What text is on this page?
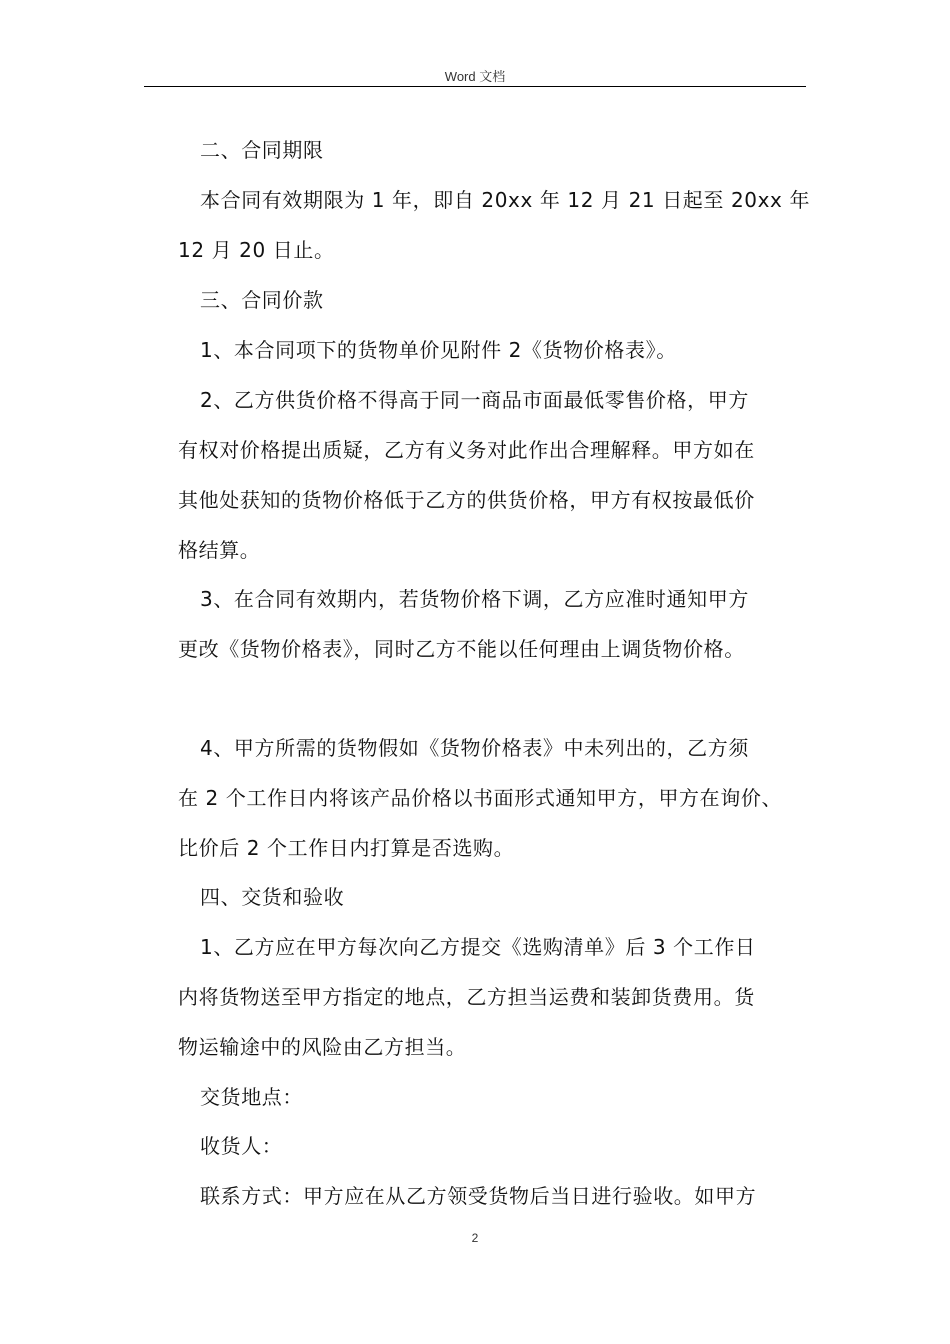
Word 文档
二、合同期限
本合同有效期限为 1 年，即自 20xx 年 12 月 21 日起至 20xx 年
12 月 20 日止。
三、合同价款
1、本合同项下的货物单价见附件 2《货物价格表》。
2、乙方供货价格不得高于同一商品市面最低零售价格，甲方
有权对价格提出质疑，乙方有义务对此作出合理解释。甲方如在
其他处获知的货物价格低于乙方的供货价格，甲方有权按最低价
格结算。
3、在合同有效期内，若货物价格下调，乙方应准时通知甲方
更改《货物价格表》，同时乙方不能以任何理由上调货物价格。
4、甲方所需的货物假如《货物价格表》中未列出的，乙方须
在 2 个工作日内将该产品价格以书面形式通知甲方，甲方在询价、
比价后 2 个工作日内打算是否选购。
四、交货和验收
1、乙方应在甲方每次向乙方提交《选购清单》后 3 个工作日
内将货物送至甲方指定的地点，乙方担当运费和装卸货费用。货
物运输途中的风险由乙方担当。
交货地点：
收货人：
联系方式：甲方应在从乙方领受货物后当日进行验收。如甲方
2
